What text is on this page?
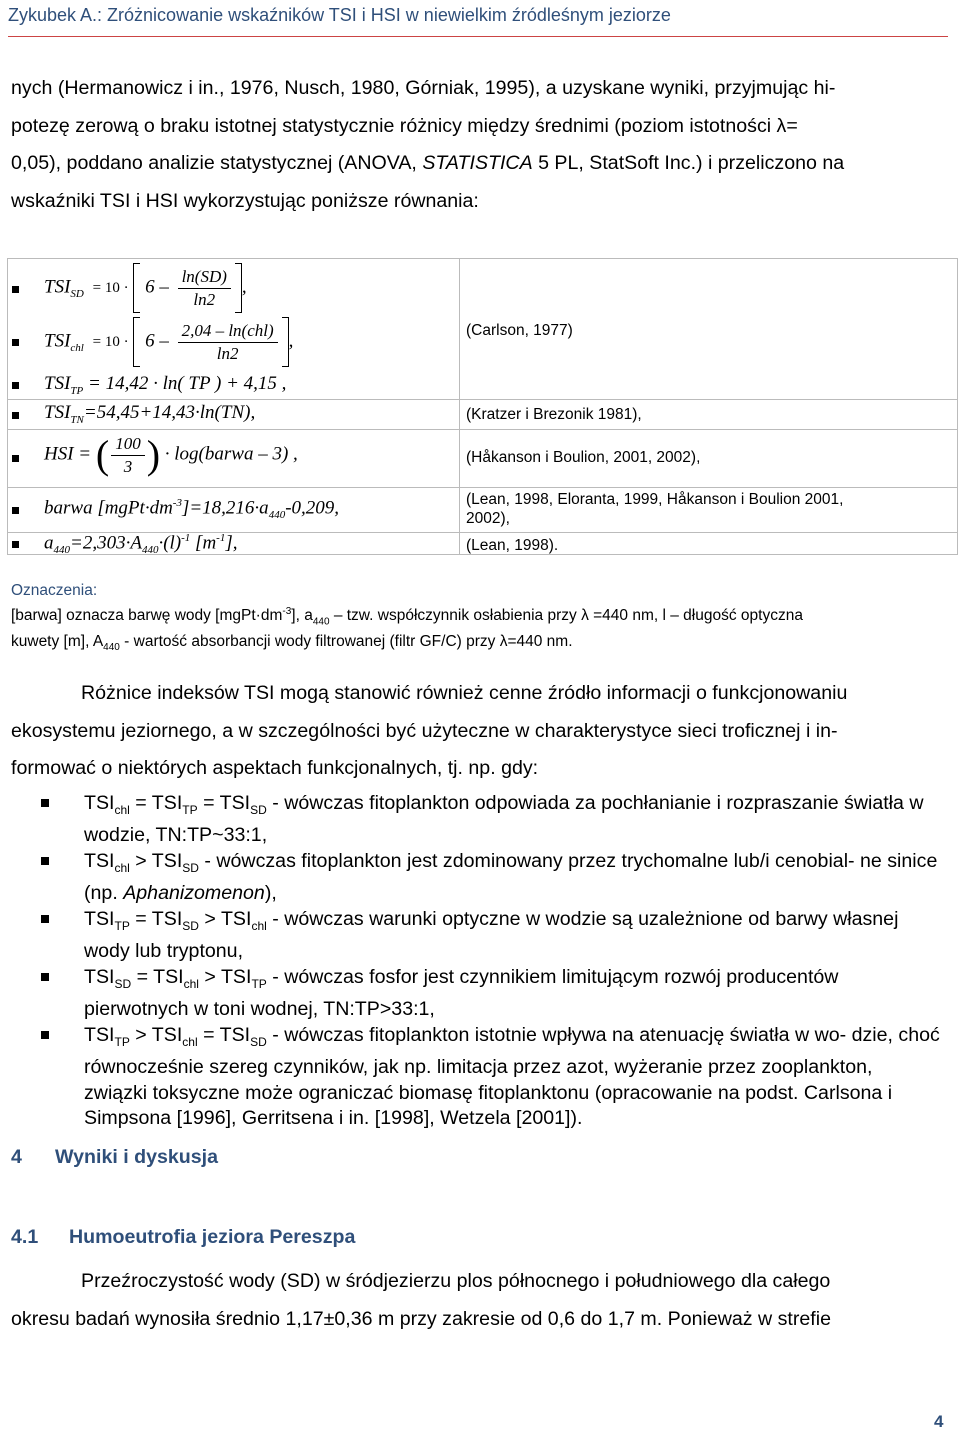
Zykubek A.: Zróżnicowanie wskaźników TSI i HSI w niewielkim źródleśnym jeziorze
nych (Hermanowicz i in., 1976, Nusch, 1980, Górniak, 1995), a uzyskane wyniki, przyjmując hi-
potezę zerową o braku istotnej statystycznie różnicy między średnimi (poziom istotności λ=
0,05), poddano analizie statystycznej (ANOVA, STATISTICA 5 PL, StatSoft Inc.) i przeliczono na
wskaźniki TSI i HSI wykorzystując poniższe równania:
$TSI_{SD} = 10 \cdot 6 - \frac{\ln(SD)}{\ln 2}$ ,
$TSI_{chl} = 10 \cdot 6 - \frac{\text{2,04 – ln(chl)}}{\ln 2}$ ,	(Carlson, 1977)
$TSI_{TP} = 14,42 \cdot \ln$( TP ) + 4,15 ,
$TSI_{TN}=54,45+14,43\cdot\ln(TN)$,	(Kratzer i Brezonik 1981),
HSI = ( $\frac{100}{3}$ ) · log(barwa – 3) ,	(Håkanson i Boulion, 2001, 2002),
barwa $[mgPt\cdot dm^{-3}]=18,216\cdot a_{440}-0,209$,	(Lean, 1998, Eloranta, 1999, Håkanson i Boulion 2001,
2002),
$a_{440}=2,303\cdot A_{440}\cdot(l)^{-1}$ $[m^{-1}]$,	(Lean, 1998).
Oznaczenia:
[barwa] oznacza barwę wody $[mgPt\cdot dm^{-3}]$, $a_{440}$ – tzw. współczynnik osłabienia przy λ =440 nm, l – długość optyczna
kuwety [m], $A_{440}$ - wartość absorbancji wody filtrowanej (filtr GF/C) przy λ=440 nm.
Różnice indeksów TSI mogą stanowić również cenne źródło informacji o funkcjonowaniu
ekosystemu jeziornego, a w szczególności być użyteczne w charakterystyce sieci troficznej i in-
formować o niektórych aspektach funkcjonalnych, tj. np. gdy:
$TSI_{chl} = TSI_{TP} = TSI_{SD}$ - wówczas fitoplankton odpowiada za pochłanianie i rozpraszanie światła w wodzie, TN:TP~33:1,
$TSI_{chl} > TSI_{SD}$ - wówczas fitoplankton jest zdominowany przez trychomalne lub/i cenobial- ne sinice (np. Aphanizomenon),
$TSI_{TP} = TSI_{SD} > TSI_{chl}$ - wówczas warunki optyczne w wodzie są uzależnione od barwy własnej wody lub tryptonu,
$TSI_{SD} = TSI_{chl} > TSI_{TP}$ - wówczas fosfor jest czynnikiem limitującym rozwój producentów pierwotnych w toni wodnej, TN:TP>33:1,
$TSI_{TP} > TSI_{chl} = TSI_{SD}$ - wówczas fitoplankton istotnie wpływa na atenuację światła w wo- dzie, choć równocześnie szereg czynników, jak np. limitacja przez azot, wyżeranie przez zooplankton, związki toksyczne może ograniczać biomasę fitoplanktonu (opracowanie na podst. Carlsona i Simpsona [1996], Gerritsena i in. [1998], Wetzela [2001]).
4 Wyniki i dyskusja
4.1 Humoeutrofia jeziora Pereszpa
Przeźroczystość wody (SD) w śródjezierzu plos północnego i południowego dla całego
okresu badań wynosiła średnio 1,17±0,36 m przy zakresie od 0,6 do 1,7 m. Ponieważ w strefie
4
